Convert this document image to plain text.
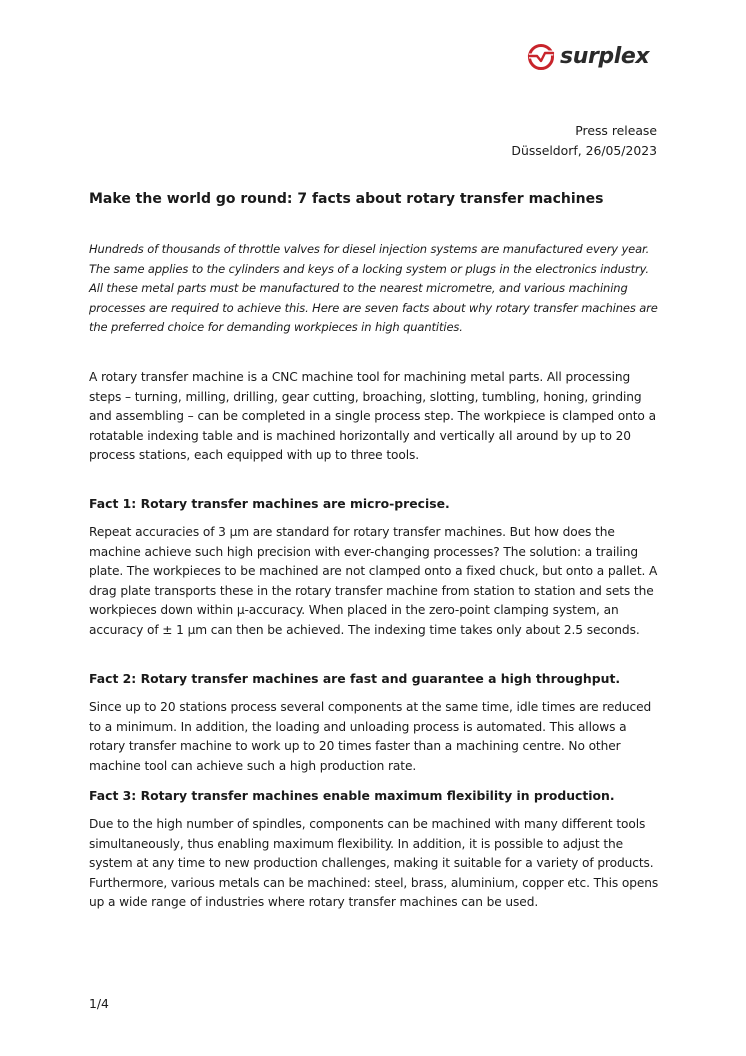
surplex
Press release
Düsseldorf, 26/05/2023
Make the world go round: 7 facts about rotary transfer machines

Hundreds of thousands of throttle valves for diesel injection systems are manufactured every year. The same applies to the cylinders and keys of a locking system or plugs in the electronics industry. All these metal parts must be manufactured to the nearest micrometre, and various machining processes are required to achieve this. Here are seven facts about why rotary transfer machines are the preferred choice for demanding workpieces in high quantities.

A rotary transfer machine is a CNC machine tool for machining metal parts. All processing steps – turning, milling, drilling, gear cutting, broaching, slotting, tumbling, honing, grinding and assembling – can be completed in a single process step. The workpiece is clamped onto a rotatable indexing table and is machined horizontally and vertically all around by up to 20 process stations, each equipped with up to three tools.

Fact 1: Rotary transfer machines are micro-precise.

Repeat accuracies of 3 µm are standard for rotary transfer machines. But how does the machine achieve such high precision with ever-changing processes? The solution: a trailing plate. The workpieces to be machined are not clamped onto a fixed chuck, but onto a pallet. A drag plate transports these in the rotary transfer machine from station to station and sets the workpieces down within µ-accuracy. When placed in the zero-point clamping system, an accuracy of ± 1 µm can then be achieved. The indexing time takes only about 2.5 seconds.

Fact 2: Rotary transfer machines are fast and guarantee a high throughput.

Since up to 20 stations process several components at the same time, idle times are reduced to a minimum. In addition, the loading and unloading process is automated. This allows a rotary transfer machine to work up to 20 times faster than a machining centre. No other machine tool can achieve such a high production rate.

Fact 3: Rotary transfer machines enable maximum flexibility in production.

Due to the high number of spindles, components can be machined with many different tools simultaneously, thus enabling maximum flexibility. In addition, it is possible to adjust the system at any time to new production challenges, making it suitable for a variety of products. Furthermore, various metals can be machined: steel, brass, aluminium, copper etc. This opens up a wide range of industries where rotary transfer machines can be used.

1/4
